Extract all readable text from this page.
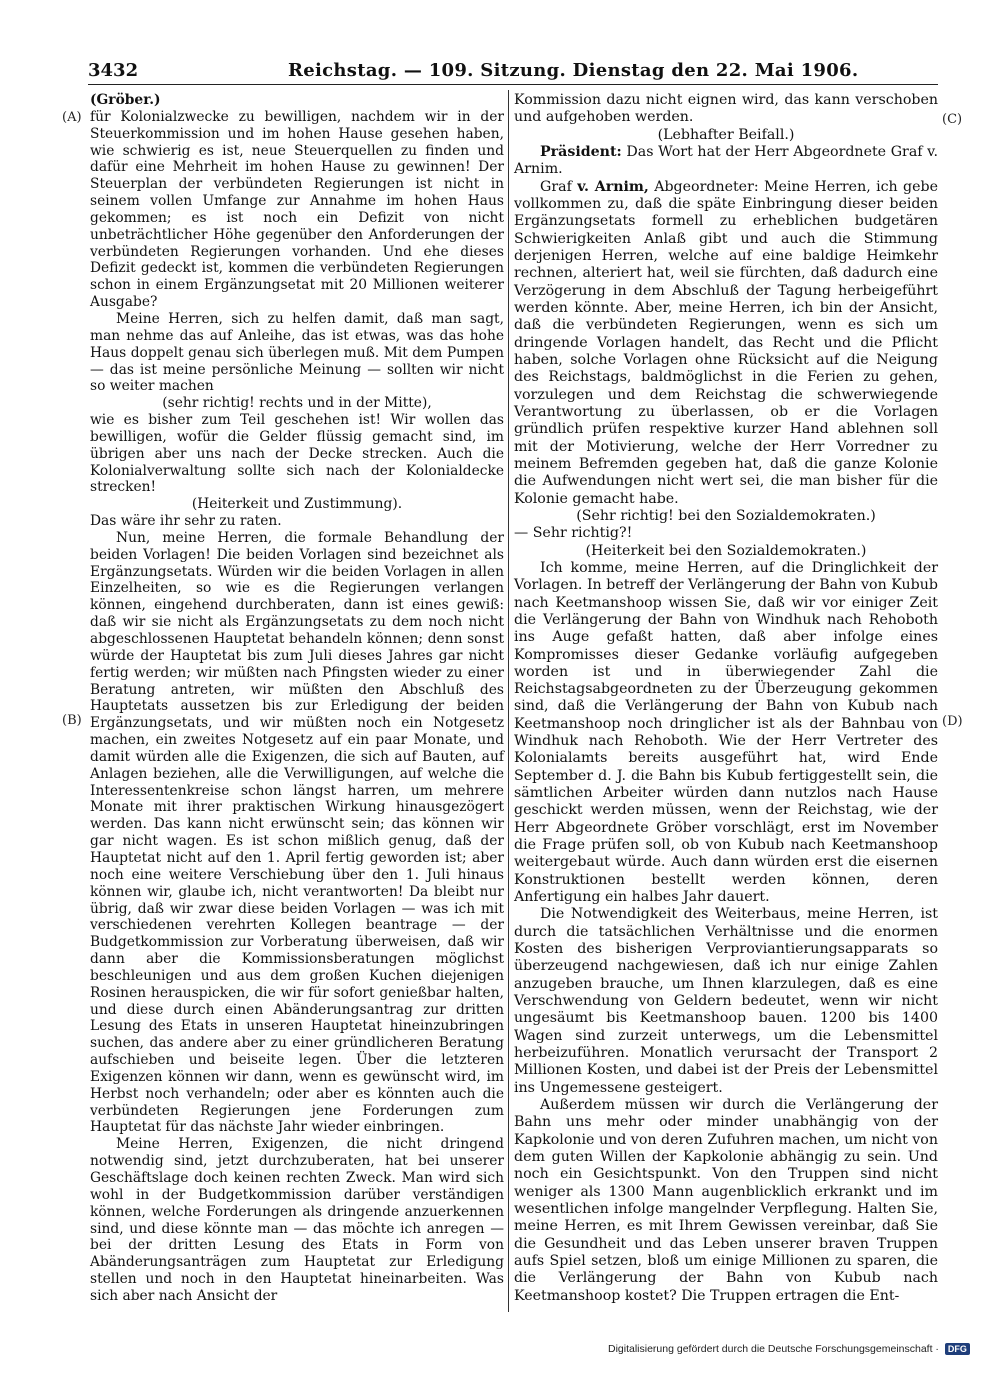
3432	Reichstag. — 109. Sitzung. Dienstag den 22. Mai 1906.
(A)
(B)
(C)
(D)

(Gröber.)

für Kolonialzwecke zu bewilligen, nachdem wir in der Steuerkommission und im hohen Hause gesehen haben, wie schwierig es ist, neue Steuerquellen zu finden und dafür eine Mehrheit im hohen Hause zu gewinnen! Der Steuerplan der verbündeten Regierungen ist nicht in seinem vollen Umfange zur Annahme im hohen Haus gekommen; es ist noch ein Defizit von nicht unbeträchtlicher Höhe gegenüber den Anforderungen der verbündeten Regierungen vorhanden. Und ehe dieses Defizit gedeckt ist, kommen die verbündeten Regierungen schon in einem Ergänzungsetat mit 20 Millionen weiterer Ausgabe?

Meine Herren, sich zu helfen damit, daß man sagt, man nehme das auf Anleihe, das ist etwas, was das hohe Haus doppelt genau sich überlegen muß. Mit dem Pumpen — das ist meine persönliche Meinung — sollten wir nicht so weiter machen

(sehr richtig! rechts und in der Mitte),

wie es bisher zum Teil geschehen ist! Wir wollen das bewilligen, wofür die Gelder flüssig gemacht sind, im übrigen aber uns nach der Decke strecken. Auch die Kolonialverwaltung sollte sich nach der Kolonialdecke strecken!

(Heiterkeit und Zustimmung).

Das wäre ihr sehr zu raten.

Nun, meine Herren, die formale Behandlung der beiden Vorlagen! Die beiden Vorlagen sind bezeichnet als Ergänzungsetats. Würden wir die beiden Vorlagen in allen Einzelheiten, so wie es die Regierungen verlangen können, eingehend durchberaten, dann ist eines gewiß: daß wir sie nicht als Ergänzungsetats zu dem noch nicht abgeschlossenen Hauptetat behandeln können; denn sonst würde der Hauptetat bis zum Juli dieses Jahres gar nicht fertig werden; wir müßten nach Pfingsten wieder zu einer Beratung antreten, wir müßten den Abschluß des Hauptetats aussetzen bis zur Erledigung der beiden Ergänzungsetats, und wir müßten noch ein Notgesetz machen, ein zweites Notgesetz auf ein paar Monate, und damit würden alle die Exigenzen, die sich auf Bauten, auf Anlagen beziehen, alle die Verwilligungen, auf welche die Interessentenkreise schon längst harren, um mehrere Monate mit ihrer praktischen Wirkung hinausgezögert werden. Das kann nicht erwünscht sein; das können wir gar nicht wagen. Es ist schon mißlich genug, daß der Hauptetat nicht auf den 1. April fertig geworden ist; aber noch eine weitere Verschiebung über den 1. Juli hinaus können wir, glaube ich, nicht verantworten! Da bleibt nur übrig, daß wir zwar diese beiden Vorlagen — was ich mit verschiedenen verehrten Kollegen beantrage — der Budgetkommission zur Vorberatung überweisen, daß wir dann aber die Kommissionsberatungen möglichst beschleunigen und aus dem großen Kuchen diejenigen Rosinen herauspicken, die wir für sofort genießbar halten, und diese durch einen Abänderungsantrag zur dritten Lesung des Etats in unseren Hauptetat hineinzubringen suchen, das andere aber zu einer gründlicheren Beratung aufschieben und beiseite legen. Über die letzteren Exigenzen können wir dann, wenn es gewünscht wird, im Herbst noch verhandeln; oder aber es könnten auch die verbündeten Regierungen jene Forderungen zum Hauptetat für das nächste Jahr wieder einbringen.

Meine Herren, Exigenzen, die nicht dringend notwendig sind, jetzt durchzuberaten, hat bei unserer Geschäftslage doch keinen rechten Zweck. Man wird sich wohl in der Budgetkommission darüber verständigen können, welche Forderungen als dringende anzuerkennen sind, und diese könnte man — das möchte ich anregen — bei der dritten Lesung des Etats in Form von Abänderungsanträgen zum Hauptetat zur Erledigung stellen und noch in den Hauptetat hineinarbeiten. Was sich aber nach Ansicht der

Kommission dazu nicht eignen wird, das kann verschoben und aufgehoben werden.

(Lebhafter Beifall.)

Präsident: Das Wort hat der Herr Abgeordnete Graf v. Arnim.

Graf v. Arnim, Abgeordneter: Meine Herren, ich gebe vollkommen zu, daß die späte Einbringung dieser beiden Ergänzungsetats formell zu erheblichen budgetären Schwierigkeiten Anlaß gibt und auch die Stimmung derjenigen Herren, welche auf eine baldige Heimkehr rechnen, alteriert hat, weil sie fürchten, daß dadurch eine Verzögerung in dem Abschluß der Tagung herbeigeführt werden könnte. Aber, meine Herren, ich bin der Ansicht, daß die verbündeten Regierungen, wenn es sich um dringende Vorlagen handelt, das Recht und die Pflicht haben, solche Vorlagen ohne Rücksicht auf die Neigung des Reichstags, baldmöglichst in die Ferien zu gehen, vorzulegen und dem Reichstag die schwerwiegende Verantwortung zu überlassen, ob er die Vorlagen gründlich prüfen respektive kurzer Hand ablehnen soll mit der Motivierung, welche der Herr Vorredner zu meinem Befremden gegeben hat, daß die ganze Kolonie die Aufwendungen nicht wert sei, die man bisher für die Kolonie gemacht habe.

(Sehr richtig! bei den Sozialdemokraten.)

— Sehr richtig?!

(Heiterkeit bei den Sozialdemokraten.)

Ich komme, meine Herren, auf die Dringlichkeit der Vorlagen. In betreff der Verlängerung der Bahn von Kubub nach Keetmanshoop wissen Sie, daß wir vor einiger Zeit die Verlängerung der Bahn von Windhuk nach Rehoboth ins Auge gefaßt hatten, daß aber infolge eines Kompromisses dieser Gedanke vorläufig aufgegeben worden ist und in überwiegender Zahl die Reichstagsabgeordneten zu der Überzeugung gekommen sind, daß die Verlängerung der Bahn von Kubub nach Keetmanshoop noch dringlicher ist als der Bahnbau von Windhuk nach Rehoboth. Wie der Herr Vertreter des Kolonialamts bereits ausgeführt hat, wird Ende September d. J. die Bahn bis Kubub fertiggestellt sein, die sämtlichen Arbeiter würden dann nutzlos nach Hause geschickt werden müssen, wenn der Reichstag, wie der Herr Abgeordnete Gröber vorschlägt, erst im November die Frage prüfen soll, ob von Kubub nach Keetmanshoop weitergebaut würde. Auch dann würden erst die eisernen Konstruktionen bestellt werden können, deren Anfertigung ein halbes Jahr dauert.

Die Notwendigkeit des Weiterbaus, meine Herren, ist durch die tatsächlichen Verhältnisse und die enormen Kosten des bisherigen Verproviantierungsapparats so überzeugend nachgewiesen, daß ich nur einige Zahlen anzugeben brauche, um Ihnen klarzulegen, daß es eine Verschwendung von Geldern bedeutet, wenn wir nicht ungesäumt bis Keetmanshoop bauen. 1200 bis 1400 Wagen sind zurzeit unterwegs, um die Lebensmittel herbeizuführen. Monatlich verursacht der Transport 2 Millionen Kosten, und dabei ist der Preis der Lebensmittel ins Ungemessene gesteigert.

Außerdem müssen wir durch die Verlängerung der Bahn uns mehr oder minder unabhängig von der Kapkolonie und von deren Zufuhren machen, um nicht von dem guten Willen der Kapkolonie abhängig zu sein. Und noch ein Gesichtspunkt. Von den Truppen sind nicht weniger als 1300 Mann augenblicklich erkrankt und im wesentlichen infolge mangelnder Verpflegung. Halten Sie, meine Herren, es mit Ihrem Gewissen vereinbar, daß Sie die Gesundheit und das Leben unserer braven Truppen aufs Spiel setzen, bloß um einige Millionen zu sparen, die die Verlängerung der Bahn von Kubub nach Keetmanshoop kostet? Die Truppen ertragen die Ent-

Digitalisierung gefördert durch die Deutsche Forschungsgemeinschaft ·	DFG
